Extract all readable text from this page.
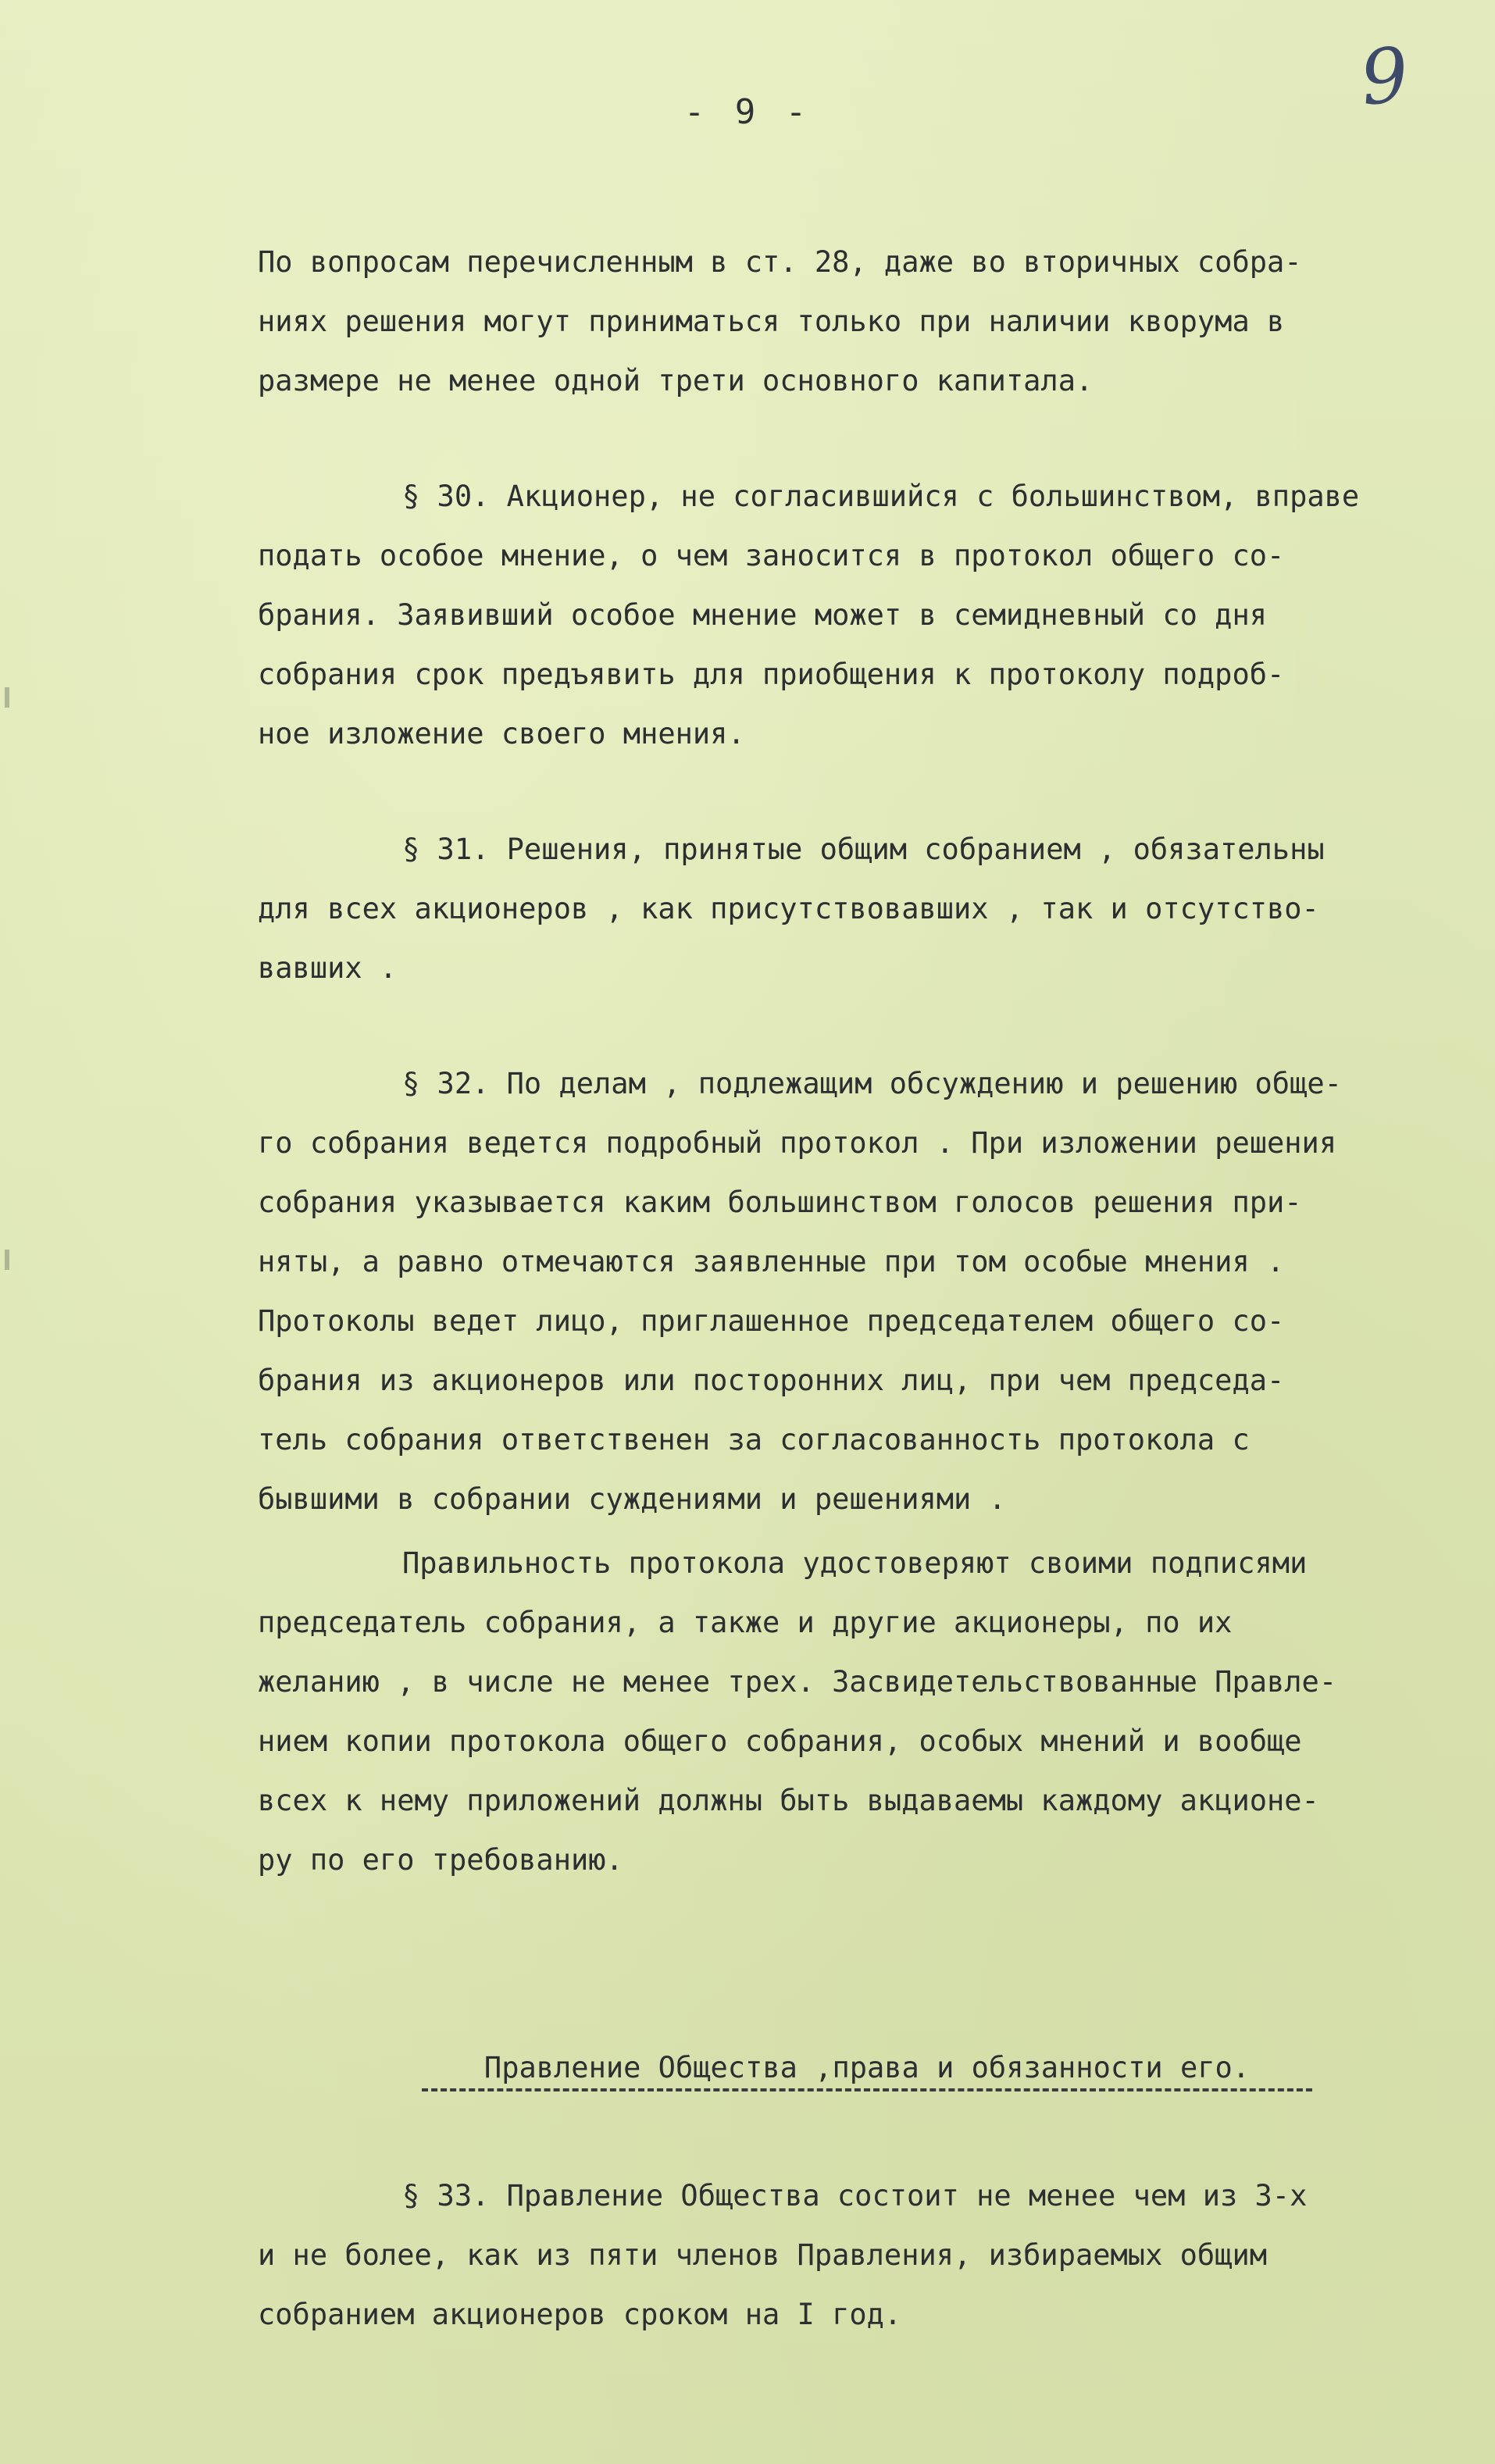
- 9 -	9
По вопросам перечисленным в ст. 28, даже во вторичных собра-
ниях решения могут приниматься только при наличии кворума в
размере не менее одной трети основного капитала.
§ 30. Акционер, не согласившийся с большинством, вправе
подать особое мнение, о чем заносится в протокол общего со-
брания. Заявивший особое мнение может в семидневный со дня
собрания срок предъявить для приобщения к протоколу подроб-
ное изложение своего мнения.
§ 31. Решения, принятые общим собранием , обязательны
для всех акционеров , как присутствовавших , так и отсутство-
вавших .
§ 32. По делам , подлежащим обсуждению и решению обще-
го собрания ведется подробный протокол . При изложении решения
собрания указывается каким большинством голосов решения при-
няты, а равно отмечаются заявленные при том особые мнения .
Протоколы ведет лицо, приглашенное председателем общего со-
брания из акционеров или посторонних лиц, при чем председа-
тель собрания ответственен за согласованность протокола с
бывшими в собрании суждениями и решениями .
Правильность протокола удостоверяют своими подписями
председатель собрания, а также и другие акционеры, по их
желанию , в числе не менее трех. Засвидетельствованные Правле-
нием копии протокола общего собрания, особых мнений и вообще
всех к нему приложений должны быть выдаваемы каждому акционе-
ру по его требованию.
Правление Общества ,права и обязанности его.
§ 33. Правление Общества состоит не менее чем из 3-х
и не более, как из пяти членов Правления, избираемых общим
собранием акционеров сроком на I год.
